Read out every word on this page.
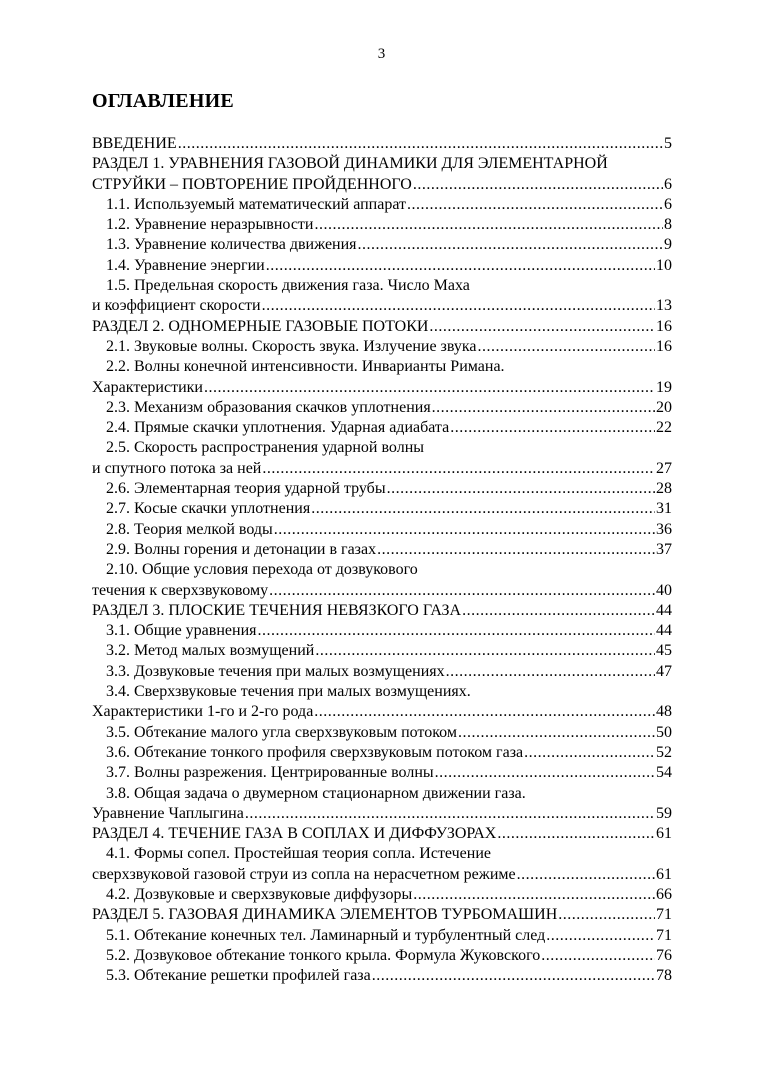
3
ОГЛАВЛЕНИЕ
ВВЕДЕНИЕ .....	5
РАЗДЕЛ 1. УРАВНЕНИЯ ГАЗОВОЙ ДИНАМИКИ ДЛЯ ЭЛЕМЕНТАРНОЙ
СТРУЙКИ – ПОВТОРЕНИЕ ПРОЙДЕННОГО .....	6
1.1. Используемый математический аппарат .....	6
1.2. Уравнение неразрывности .....	8
1.3. Уравнение количества движения .....	9
1.4. Уравнение энергии .....	10
1.5. Предельная скорость движения газа. Число Маха
и коэффициент скорости .....	13
РАЗДЕЛ 2. ОДНОМЕРНЫЕ ГАЗОВЫЕ ПОТОКИ .....	16
2.1. Звуковые волны. Скорость звука. Излучение звука .....	16
2.2. Волны конечной интенсивности. Инварианты Римана.
Характеристики .....	19
2.3. Механизм образования скачков уплотнения .....	20
2.4. Прямые скачки уплотнения. Ударная адиабата .....	22
2.5. Скорость распространения ударной волны
и спутного потока за ней .....	27
2.6. Элементарная теория ударной трубы .....	28
2.7. Косые скачки уплотнения .....	31
2.8. Теория мелкой воды .....	36
2.9. Волны горения и детонации в газах .....	37
2.10. Общие условия перехода от дозвукового
течения к сверхзвуковому .....	40
РАЗДЕЛ 3. ПЛОСКИЕ ТЕЧЕНИЯ НЕВЯЗКОГО ГАЗА .....	44
3.1. Общие уравнения .....	44
3.2. Метод малых возмущений .....	45
3.3. Дозвуковые течения при малых возмущениях .....	47
3.4. Сверхзвуковые течения при малых возмущениях.
Характеристики 1-го и 2-го рода .....	48
3.5. Обтекание малого угла сверхзвуковым потоком .....	50
3.6. Обтекание тонкого профиля сверхзвуковым потоком газа .....	52
3.7. Волны разрежения. Центрированные волны .....	54
3.8. Общая задача о двумерном стационарном движении газа.
Уравнение Чаплыгина .....	59
РАЗДЕЛ 4. ТЕЧЕНИЕ ГАЗА В СОПЛАХ И ДИФФУЗОРАХ .....	61
4.1. Формы сопел. Простейшая теория сопла. Истечение
сверхзвуковой газовой струи из сопла на нерасчетном режиме .....	61
4.2. Дозвуковые и сверхзвуковые диффузоры .....	66
РАЗДЕЛ 5. ГАЗОВАЯ ДИНАМИКА ЭЛЕМЕНТОВ ТУРБОМАШИН .....	71
5.1. Обтекание конечных тел. Ламинарный и турбулентный след .....	71
5.2. Дозвуковое обтекание тонкого крыла. Формула Жуковского .....	76
5.3. Обтекание решетки профилей газа .....	78
